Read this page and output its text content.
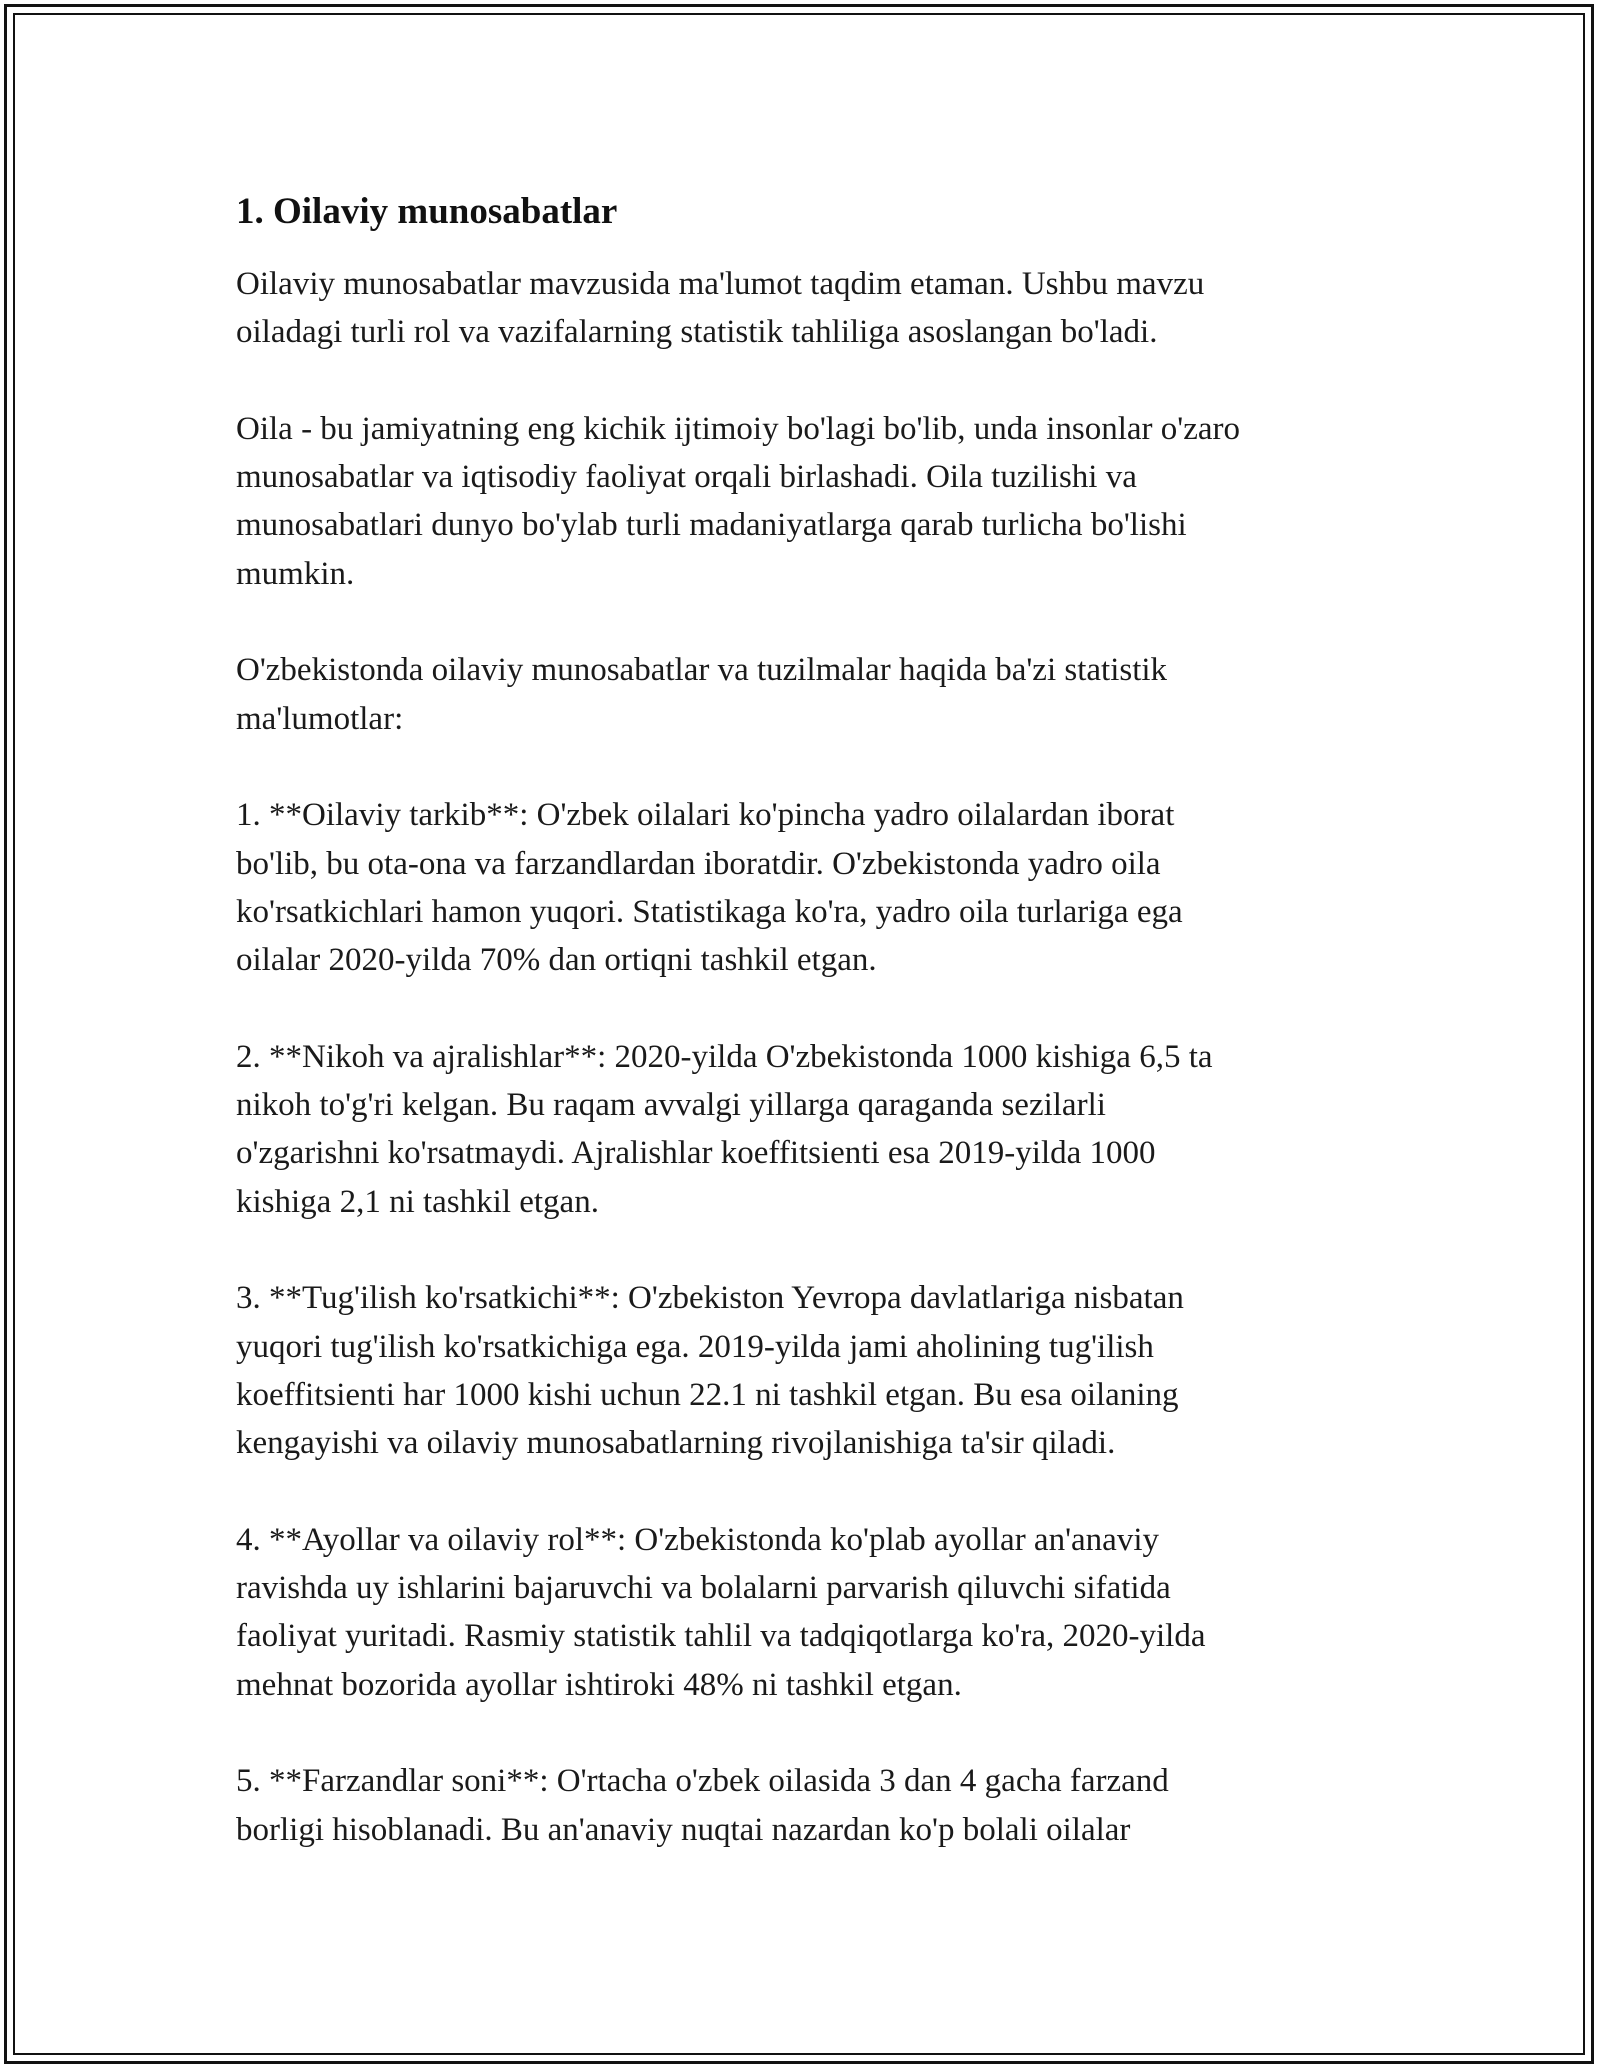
1. Oilaviy munosabatlar

Oilaviy munosabatlar mavzusida ma'lumot taqdim etaman. Ushbu mavzu
oiladagi turli rol va vazifalarning statistik tahliliga asoslangan bo'ladi.

Oila - bu jamiyatning eng kichik ijtimoiy bo'lagi bo'lib, unda insonlar o'zaro
munosabatlar va iqtisodiy faoliyat orqali birlashadi. Oila tuzilishi va
munosabatlari dunyo bo'ylab turli madaniyatlarga qarab turlicha bo'lishi
mumkin.

O'zbekistonda oilaviy munosabatlar va tuzilmalar haqida ba'zi statistik
ma'lumotlar:

1. **Oilaviy tarkib**: O'zbek oilalari ko'pincha yadro oilalardan iborat
bo'lib, bu ota-ona va farzandlardan iboratdir. O'zbekistonda yadro oila
ko'rsatkichlari hamon yuqori. Statistikaga ko'ra, yadro oila turlariga ega
oilalar 2020-yilda 70% dan ortiqni tashkil etgan.

2. **Nikoh va ajralishlar**: 2020-yilda O'zbekistonda 1000 kishiga 6,5 ta
nikoh to'g'ri kelgan. Bu raqam avvalgi yillarga qaraganda sezilarli
o'zgarishni ko'rsatmaydi. Ajralishlar koeffitsienti esa 2019-yilda 1000
kishiga 2,1 ni tashkil etgan.

3. **Tug'ilish ko'rsatkichi**: O'zbekiston Yevropa davlatlariga nisbatan
yuqori tug'ilish ko'rsatkichiga ega. 2019-yilda jami aholining tug'ilish
koeffitsienti har 1000 kishi uchun 22.1 ni tashkil etgan. Bu esa oilaning
kengayishi va oilaviy munosabatlarning rivojlanishiga ta'sir qiladi.

4. **Ayollar va oilaviy rol**: O'zbekistonda ko'plab ayollar an'anaviy
ravishda uy ishlarini bajaruvchi va bolalarni parvarish qiluvchi sifatida
faoliyat yuritadi. Rasmiy statistik tahlil va tadqiqotlarga ko'ra, 2020-yilda
mehnat bozorida ayollar ishtiroki 48% ni tashkil etgan.

5. **Farzandlar soni**: O'rtacha o'zbek oilasida 3 dan 4 gacha farzand
borligi hisoblanadi. Bu an'anaviy nuqtai nazardan ko'p bolali oilalar
